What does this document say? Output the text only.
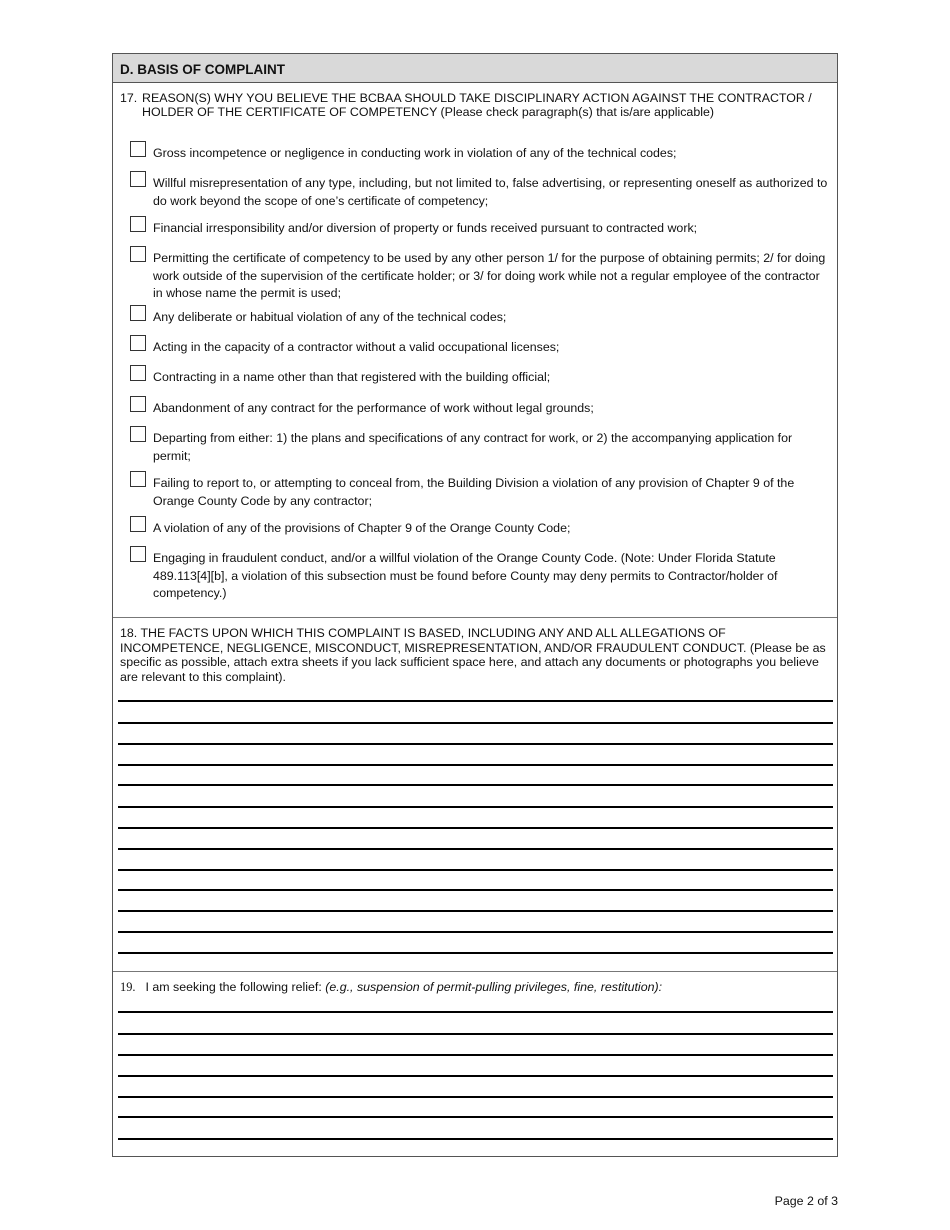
D. BASIS OF COMPLAINT
17. REASON(S) WHY YOU BELIEVE THE BCBAA SHOULD TAKE DISCIPLINARY ACTION AGAINST THE CONTRACTOR / HOLDER OF THE CERTIFICATE OF COMPETENCY (Please check paragraph(s) that is/are applicable)
Gross incompetence or negligence in conducting work in violation of any of the technical codes;
Willful misrepresentation of any type, including, but not limited to, false advertising, or representing oneself as authorized to do work beyond the scope of one’s certificate of competency;
Financial irresponsibility and/or diversion of property or funds received pursuant to contracted work;
Permitting the certificate of competency to be used by any other person 1/ for the purpose of obtaining permits; 2/ for doing work outside of the supervision of the certificate holder; or 3/ for doing work while not a regular employee of the contractor in whose name the permit is used;
Any deliberate or habitual violation of any of the technical codes;
Acting in the capacity of a contractor without a valid occupational licenses;
Contracting in a name other than that registered with the building official;
Abandonment of any contract for the performance of work without legal grounds;
Departing from either: 1) the plans and specifications of any contract for work, or 2) the accompanying application for permit;
Failing to report to, or attempting to conceal from, the Building Division a violation of any provision of Chapter 9 of the Orange County Code by any contractor;
A violation of any of the provisions of Chapter 9 of the Orange County Code;
Engaging in fraudulent conduct, and/or a willful violation of the Orange County Code. (Note: Under Florida Statute 489.113[4][b], a violation of this subsection must be found before County may deny permits to Contractor/holder of competency.)
18. THE FACTS UPON WHICH THIS COMPLAINT IS BASED, INCLUDING ANY AND ALL ALLEGATIONS OF INCOMPETENCE, NEGLIGENCE, MISCONDUCT, MISREPRESENTATION, AND/OR FRAUDULENT CONDUCT. (Please be as specific as possible, attach extra sheets if you lack sufficient space here, and attach any documents or photographs you believe are relevant to this complaint).
19. I am seeking the following relief: (e.g., suspension of permit-pulling privileges, fine, restitution):
Page 2 of 3
